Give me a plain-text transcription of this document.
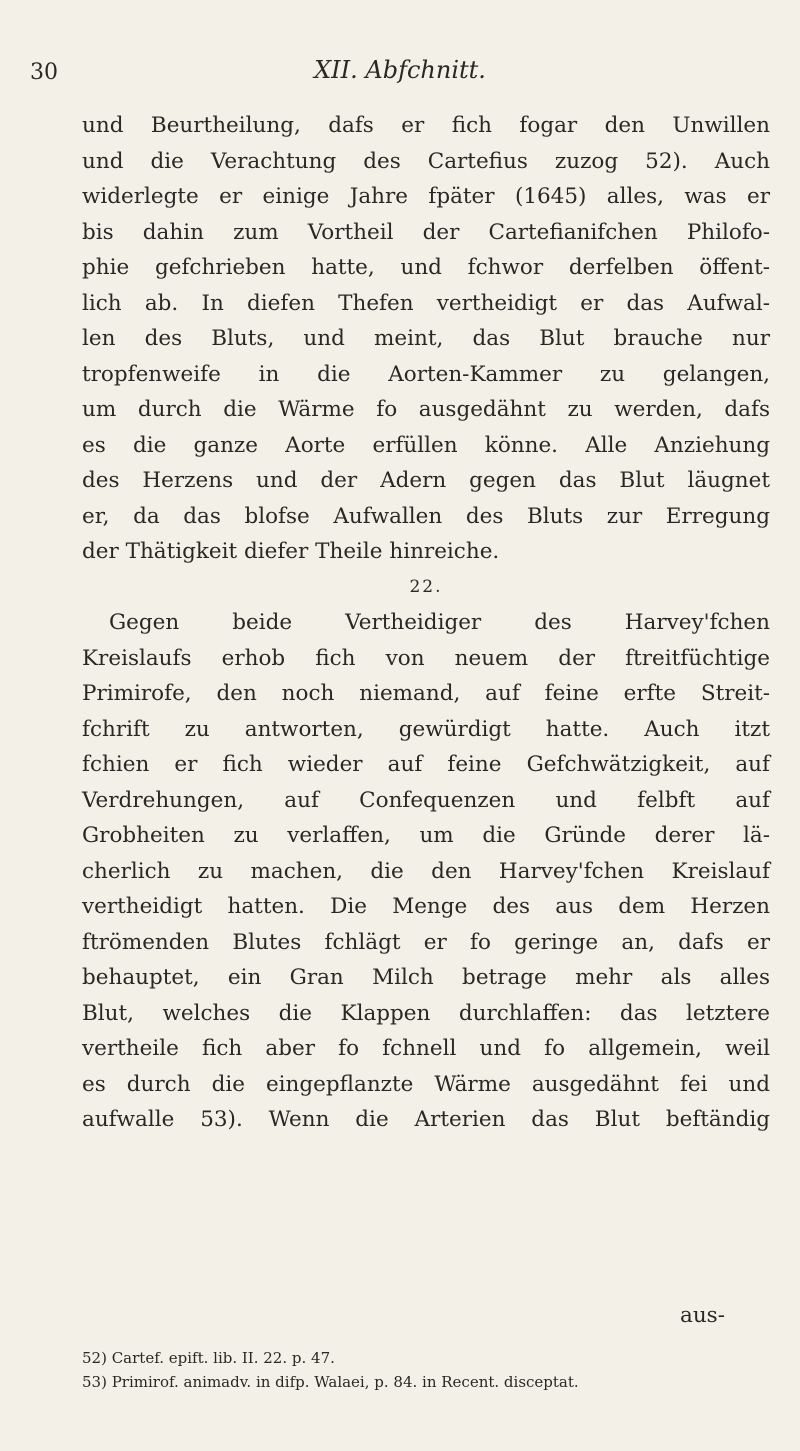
30	XII. Abfchnitt.
und Beurtheilung, dafs er fich fogar den Unwillen
und die Verachtung des Cartefius zuzog 52). Auch
widerlegte er einige Jahre fpäter (1645) alles, was er
bis dahin zum Vortheil der Cartefianifchen Philofo-
phie gefchrieben hatte, und fchwor derfelben öffent-
lich ab. In diefen Thefen vertheidigt er das Aufwal-
len des Bluts, und meint, das Blut brauche nur
tropfenweife in die Aorten-Kammer zu gelangen,
um durch die Wärme fo ausgedähnt zu werden, dafs
es die ganze Aorte erfüllen könne. Alle Anziehung
des Herzens und der Adern gegen das Blut läugnet
er, da das blofse Aufwallen des Bluts zur Erregung
der Thätigkeit diefer Theile hinreiche.
22.
Gegen beide Vertheidiger des Harvey'fchen
Kreislaufs erhob fich von neuem der ftreitfüchtige
Primirofe, den noch niemand, auf feine erfte Streit-
fchrift zu antworten, gewürdigt hatte. Auch itzt
fchien er fich wieder auf feine Gefchwätzigkeit, auf
Verdrehungen, auf Confequenzen und felbft auf
Grobheiten zu verlaffen, um die Gründe derer lä-
cherlich zu machen, die den Harvey'fchen Kreislauf
vertheidigt hatten. Die Menge des aus dem Herzen
ftrömenden Blutes fchlägt er fo geringe an, dafs er
behauptet, ein Gran Milch betrage mehr als alles
Blut, welches die Klappen durchlaffen: das letztere
vertheile fich aber fo fchnell und fo allgemein, weil
es durch die eingepflanzte Wärme ausgedähnt fei und
aufwalle 53). Wenn die Arterien das Blut beftändig
aus-
52) Cartef. epift. lib. II. 22. p. 47.
53) Primirof. animadv. in difp. Walaei, p. 84. in Recent. disceptat.
